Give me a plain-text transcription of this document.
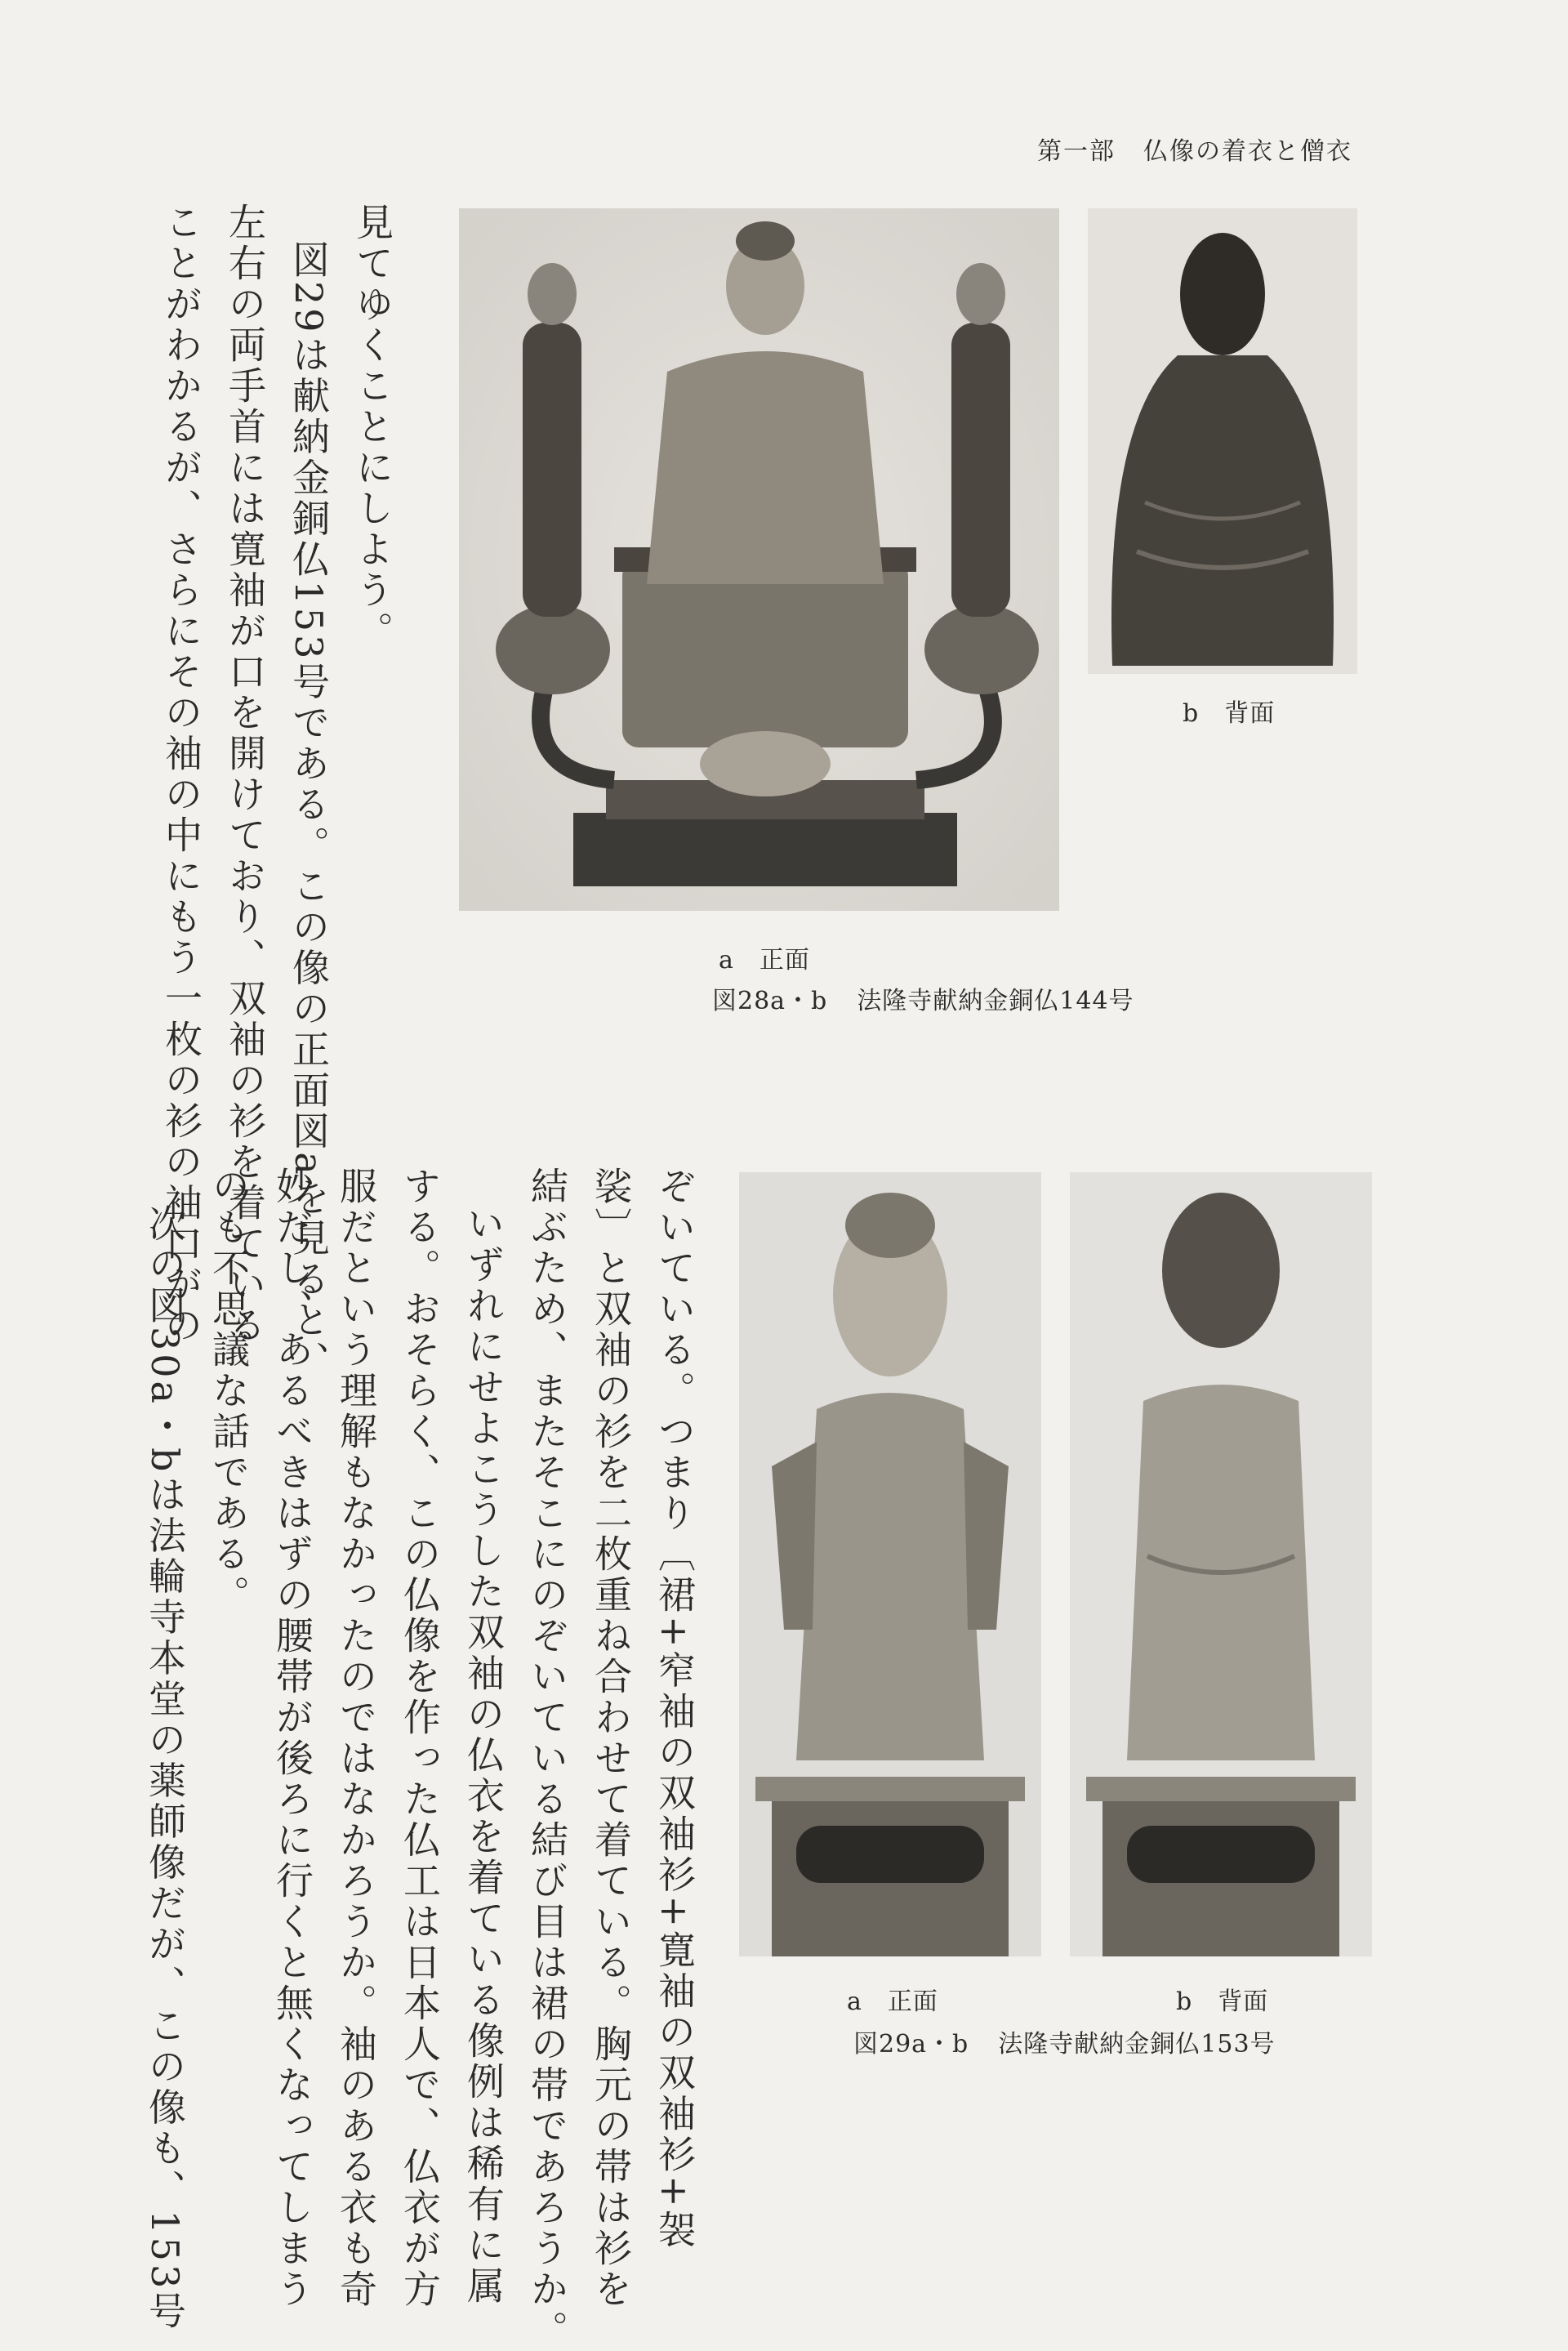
第一部 仏像の着衣と僧衣

見てゆくことにしよう。

図29は献納金銅仏153号である。この像の正面図aを見ると、

左右の両手首には寛袖が口を開けており、双袖の衫を着ている

ことがわかるが、さらにその袖の中にもう一枚の衫の袖口がの	b　背面
a　正面
図28a・b 法隆寺献納金銅仏144号

ぞいている。つまり〔裙+窄袖の双袖衫+寛袖の双袖衫+袈

裟〕と双袖の衫を二枚重ね合わせて着ている。胸元の帯は衫を

結ぶため、またそこにのぞいている結び目は裙の帯であろうか。

いずれにせよこうした双袖の仏衣を着ている像例は稀有に属

する。おそらく、この仏像を作った仏工は日本人で、仏衣が方

服だという理解もなかったのではなかろうか。袖のある衣も奇

妙だし、あるべきはずの腰帯が後ろに行くと無くなってしまう

のも不思議な話である。

次の図30a・bは法輪寺本堂の薬師像だが、この像も、153号	a　正面	b　背面
図29a・b 法隆寺献納金銅仏153号
